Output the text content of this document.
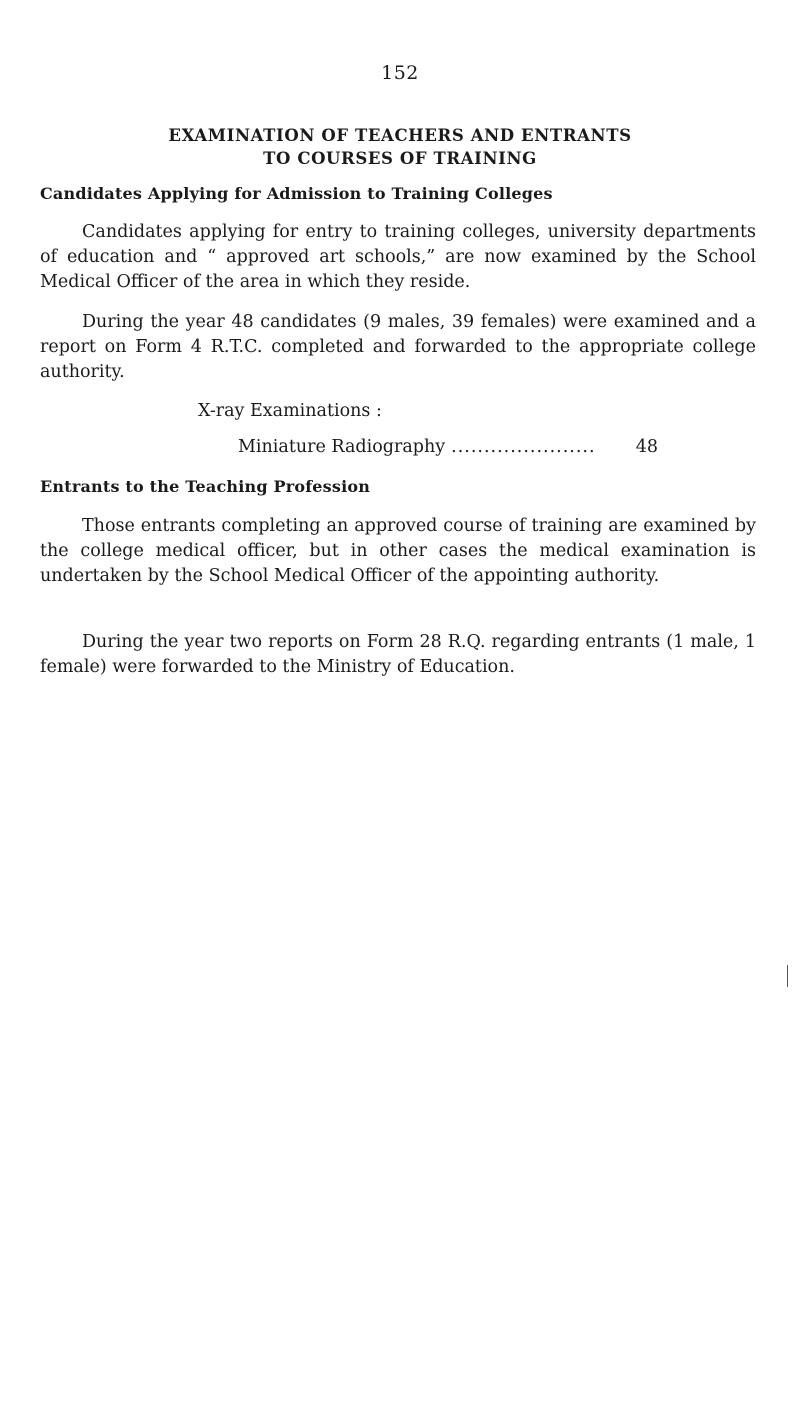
152
EXAMINATION OF TEACHERS AND ENTRANTS
TO COURSES OF TRAINING
Candidates Applying for Admission to Training Colleges

Candidates applying for entry to training colleges, university departments of education and “ approved art schools,” are now examined by the School Medical Officer of the area in which they reside.

During the year 48 candidates (9 males, 39 females) were examined and a report on Form 4 R.T.C. completed and forwarded to the appropriate college authority.

X-ray Examinations :
Miniature Radiography ......................	48
Entrants to the Teaching Profession

Those entrants completing an approved course of training are examined by the college medical officer, but in other cases the medical examination is undertaken by the School Medical Officer of the appointing authority.

During the year two reports on Form 28 R.Q. regarding entrants (1 male, 1 female) were forwarded to the Ministry of Education.
